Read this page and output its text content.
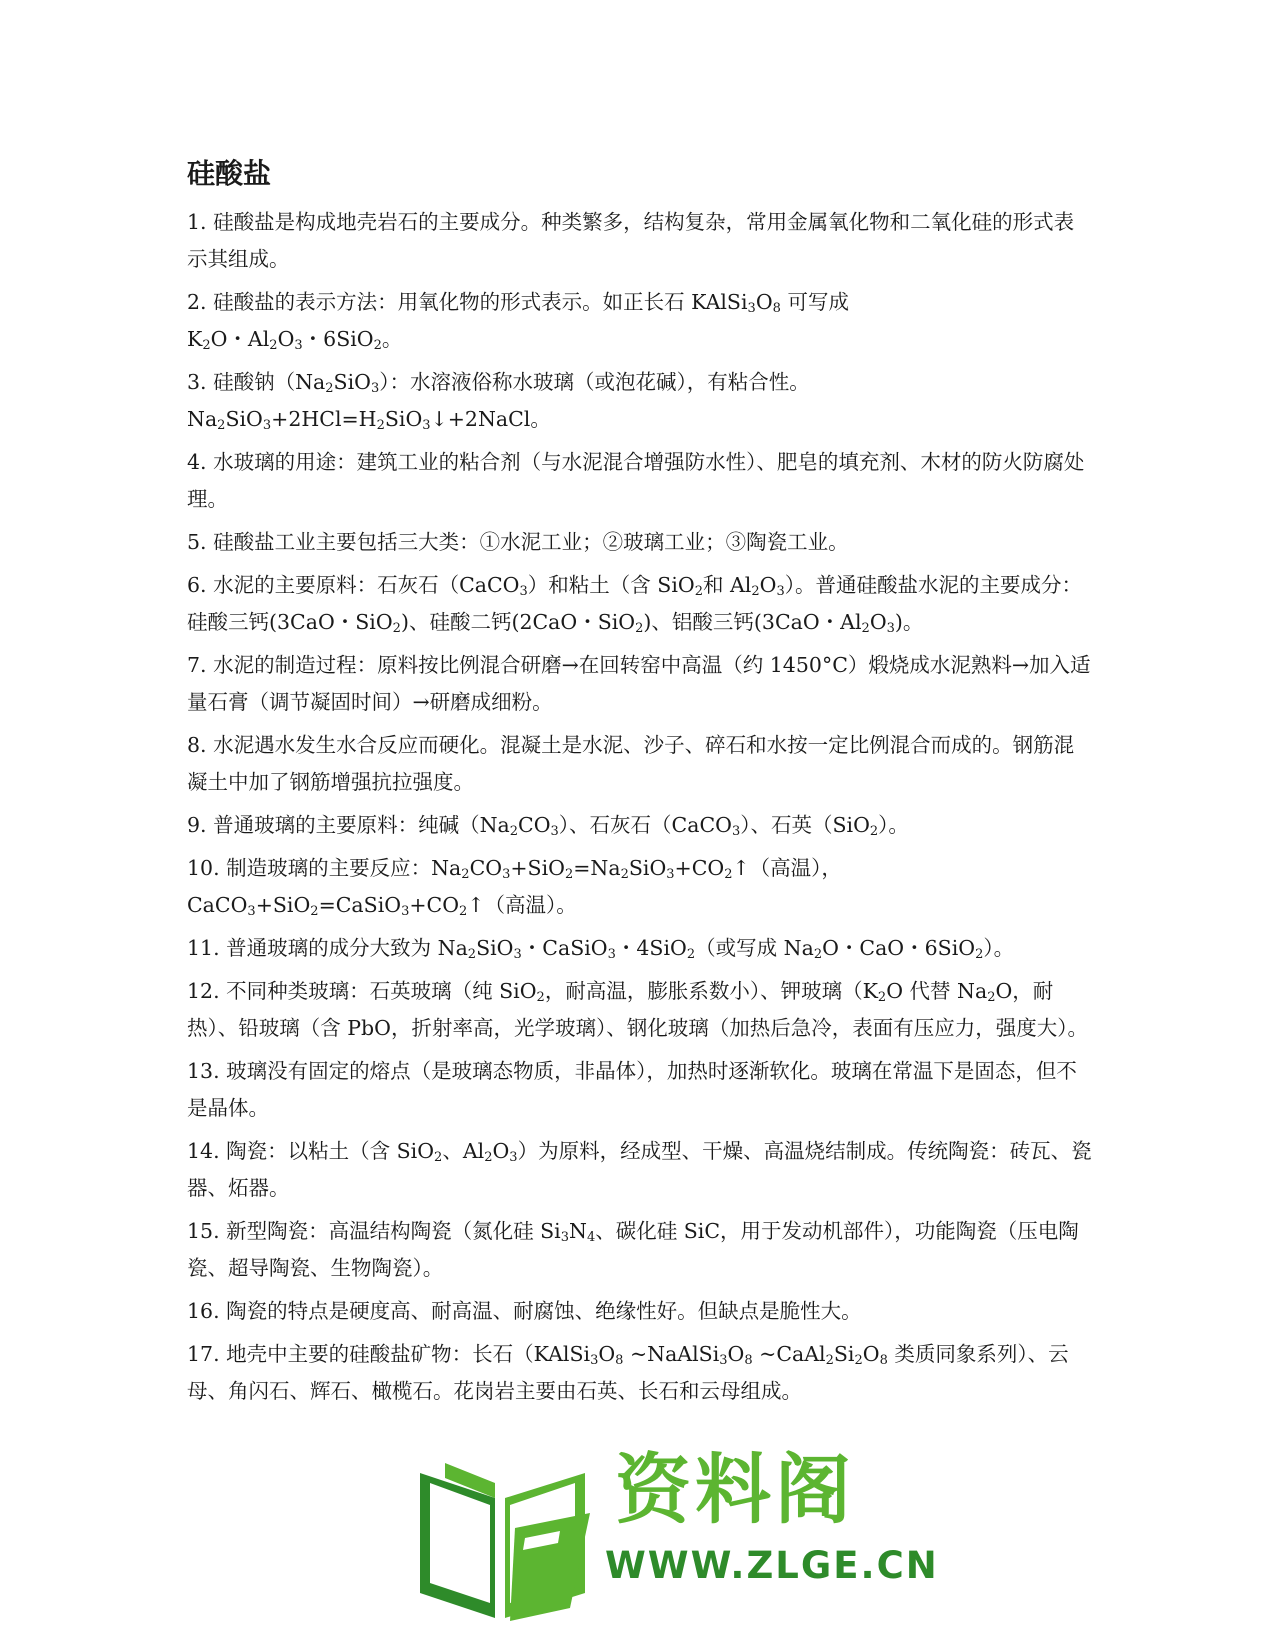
硅酸盐

1. 硅酸盐是构成地壳岩石的主要成分。种类繁多，结构复杂，常用金属氧化物和二氧化硅的形式表示其组成。

2. 硅酸盐的表示方法：用氧化物的形式表示。如正长石 $KAlSi_3O_8$ 可写成
$K_2O$・$Al_2O_3$・6SiO$_2$。

3. 硅酸钠$(Na_2SiO_3)$：水溶液俗称水玻璃（或泡花碱），有粘合性。
$Na_2SiO_3+2HCl=H_2SiO_3↓+2NaCl$。

4. 水玻璃的用途：建筑工业的粘合剂（与水泥混合增强防水性）、肥皂的填充剂、木材的防火防腐处理。

5. 硅酸盐工业主要包括三大类：①水泥工业；②玻璃工业；③陶瓷工业。

6. 水泥的主要原料：石灰石（CaCO$_3$）和粘土（含 SiO$_2$和 $Al_2O_3$）。普通硅酸盐水泥的主要成分：硅酸三钙(3CaO・SiO$_2$)、硅酸二钙(2CaO・SiO$_2$)、铝酸三钙(3CaO・$Al_2O_3$)。

7. 水泥的制造过程：原料按比例混合研磨→在回转窑中高温（约 1450°C）煅烧成水泥熟料→加入适量石膏（调节凝固时间）→研磨成细粉。

8. 水泥遇水发生水合反应而硬化。混凝土是水泥、沙子、碎石和水按一定比例混合而成的。钢筋混凝土中加了钢筋增强抗拉强度。

9. 普通玻璃的主要原料：纯碱$(Na_2CO_3)$、石灰石（CaCO$_3$）、石英（SiO$_2$）。

10. 制造玻璃的主要反应：$Na_2CO_3+SiO_2=Na_2SiO_3+CO_2↑$（高温），
$CaCO_3+SiO_2=CaSiO_3+CO_2↑$（高温）。

11. 普通玻璃的成分大致为 $Na_2SiO_3$・CaSiO$_3$・4SiO$_2$（或写成 $Na_2O$・CaO・6SiO$_2$）。

12. 不同种类玻璃：石英玻璃（纯 SiO$_2$，耐高温，膨胀系数小）、钾玻璃（$K_2O$ 代替 $Na_2O$，耐热）、铅玻璃（含 PbO，折射率高，光学玻璃）、钢化玻璃（加热后急冷，表面有压应力，强度大）。

13. 玻璃没有固定的熔点（是玻璃态物质，非晶体），加热时逐渐软化。玻璃在常温下是固态，但不是晶体。

14. 陶瓷：以粘土（含 SiO$_2$、$Al_2O_3$）为原料，经成型、干燥、高温烧结制成。传统陶瓷：砖瓦、瓷器、炻器。

15. 新型陶瓷：高温结构陶瓷（氮化硅 $Si_3N_4$、碳化硅 SiC，用于发动机部件），功能陶瓷（压电陶瓷、超导陶瓷、生物陶瓷）。

16. 陶瓷的特点是硬度高、耐高温、耐腐蚀、绝缘性好。但缺点是脆性大。

17. 地壳中主要的硅酸盐矿物：长石（$KAlSi_3O_8$ $\sim NaAlSi_3O_8$ $\sim CaAl_2Si_2O_8$ 类质同象系列）、云母、角闪石、辉石、橄榄石。花岗岩主要由石英、长石和云母组成。

资料阁
WWW.ZLGE.CN
